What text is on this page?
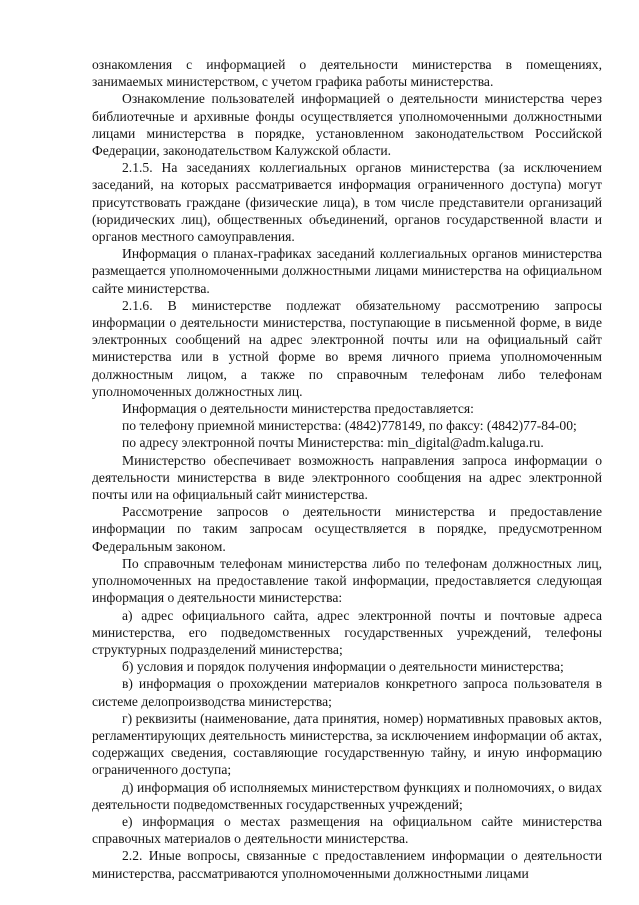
ознакомления с информацией о деятельности министерства в помещениях, занимаемых министерством, с учетом графика работы министерства.

Ознакомление пользователей информацией о деятельности министерства через библиотечные и архивные фонды осуществляется уполномоченными должностными лицами министерства в порядке, установленном законодательством Российской Федерации, законодательством Калужской области.

2.1.5. На заседаниях коллегиальных органов министерства (за исключением заседаний, на которых рассматривается информация ограниченного доступа) могут присутствовать граждане (физические лица), в том числе представители организаций (юридических лиц), общественных объединений, органов государственной власти и органов местного самоуправления.

Информация о планах-графиках заседаний коллегиальных органов министерства размещается уполномоченными должностными лицами министерства на официальном сайте министерства.

2.1.6. В министерстве подлежат обязательному рассмотрению запросы информации о деятельности министерства, поступающие в письменной форме, в виде электронных сообщений на адрес электронной почты или на официальный сайт министерства или в устной форме во время личного приема уполномоченным должностным лицом, а также по справочным телефонам либо телефонам уполномоченных должностных лиц.

Информация о деятельности министерства предоставляется:

по телефону приемной министерства: (4842)778149, по факсу: (4842)77-84-00;

по адресу электронной почты Министерства: min_digital@adm.kaluga.ru.

Министерство обеспечивает возможность направления запроса информации о деятельности министерства в виде электронного сообщения на адрес электронной почты или на официальный сайт министерства.

Рассмотрение запросов о деятельности министерства и предоставление информации по таким запросам осуществляется в порядке, предусмотренном Федеральным законом.

По справочным телефонам министерства либо по телефонам должностных лиц, уполномоченных на предоставление такой информации, предоставляется следующая информация о деятельности министерства:

а) адрес официального сайта, адрес электронной почты и почтовые адреса министерства, его подведомственных государственных учреждений, телефоны структурных подразделений министерства;

б) условия и порядок получения информации о деятельности министерства;

в) информация о прохождении материалов конкретного запроса пользователя в системе делопроизводства министерства;

г) реквизиты (наименование, дата принятия, номер) нормативных правовых актов, регламентирующих деятельность министерства, за исключением информации об актах, содержащих сведения, составляющие государственную тайну, и иную информацию ограниченного доступа;

д) информация об исполняемых министерством функциях и полномочиях, о видах деятельности подведомственных государственных учреждений;

е) информация о местах размещения на официальном сайте министерства справочных материалов о деятельности министерства.

2.2. Иные вопросы, связанные с предоставлением информации о деятельности министерства, рассматриваются уполномоченными должностными лицами
